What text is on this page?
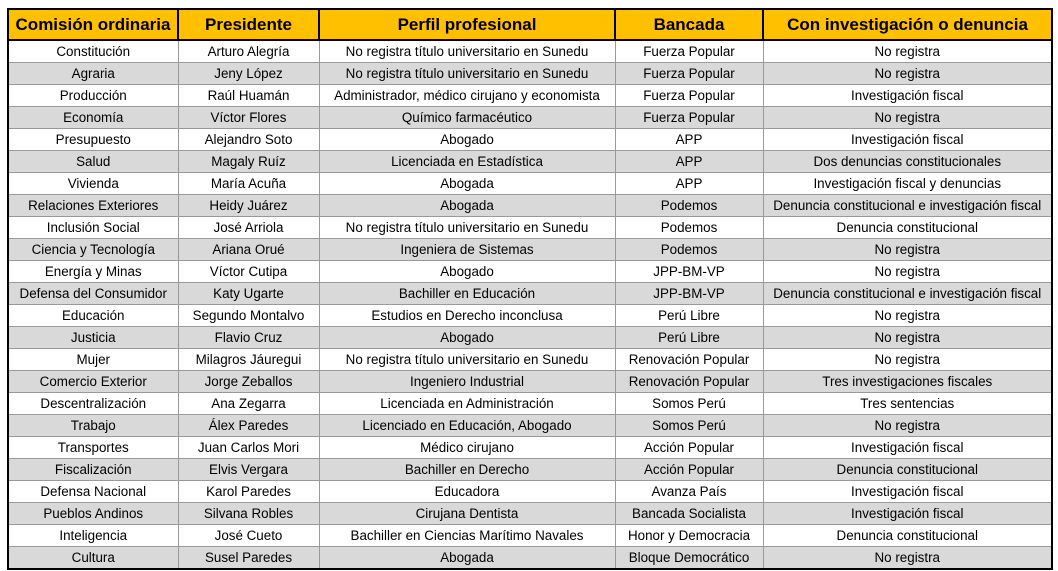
Comisión ordinaria	Presidente	Perfil profesional	Bancada	Con investigación o denuncia
Constitución	Arturo Alegría	No registra título universitario en Sunedu	Fuerza Popular	No registra
Agraria	Jeny López	No registra título universitario en Sunedu	Fuerza Popular	No registra
Producción	Raúl Huamán	Administrador, médico cirujano y economista	Fuerza Popular	Investigación fiscal
Economía	Víctor Flores	Químico farmacéutico	Fuerza Popular	No registra
Presupuesto	Alejandro Soto	Abogado	APP	Investigación fiscal
Salud	Magaly Ruíz	Licenciada en Estadística	APP	Dos denuncias constitucionales
Vivienda	María Acuña	Abogada	APP	Investigación fiscal y denuncias
Relaciones Exteriores	Heidy Juárez	Abogada	Podemos	Denuncia constitucional e investigación fiscal
Inclusión Social	José Arriola	No registra título universitario en Sunedu	Podemos	Denuncia constitucional
Ciencia y Tecnología	Ariana Orué	Ingeniera de Sistemas	Podemos	No registra
Energía y Minas	Víctor Cutipa	Abogado	JPP-BM-VP	No registra
Defensa del Consumidor	Katy Ugarte	Bachiller en Educación	JPP-BM-VP	Denuncia constitucional e investigación fiscal
Educación	Segundo Montalvo	Estudios en Derecho inconclusa	Perú Libre	No registra
Justicia	Flavio Cruz	Abogado	Perú Libre	No registra
Mujer	Milagros Jáuregui	No registra título universitario en Sunedu	Renovación Popular	No registra
Comercio Exterior	Jorge Zeballos	Ingeniero Industrial	Renovación Popular	Tres investigaciones fiscales
Descentralización	Ana Zegarra	Licenciada en Administración	Somos Perú	Tres sentencias
Trabajo	Álex Paredes	Licenciado en Educación, Abogado	Somos Perú	No registra
Transportes	Juan Carlos Mori	Médico cirujano	Acción Popular	Investigación fiscal
Fiscalización	Elvis Vergara	Bachiller en Derecho	Acción Popular	Denuncia constitucional
Defensa Nacional	Karol Paredes	Educadora	Avanza País	Investigación fiscal
Pueblos Andinos	Silvana Robles	Cirujana Dentista	Bancada Socialista	Investigación fiscal
Inteligencia	José Cueto	Bachiller en Ciencias Marítimo Navales	Honor y Democracia	Denuncia constitucional
Cultura	Susel Paredes	Abogada	Bloque Democrático	No registra
